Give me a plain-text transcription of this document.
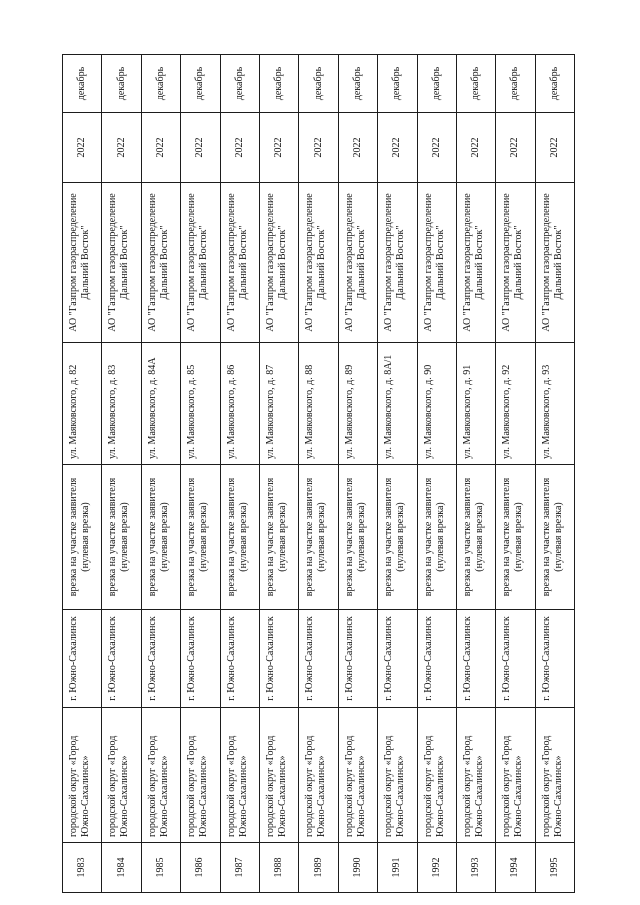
1983	городской округ «Город Южно-Сахалинск»	г. Южно-Сахалинск	врезка на участке заявителя (нулевая врезка)	ул. Маяковского, д. 82	АО "Газпром газораспределение Дальний Восток"	2022	декабрь
1984	городской округ «Город Южно-Сахалинск»	г. Южно-Сахалинск	врезка на участке заявителя (нулевая врезка)	ул. Маяковского, д. 83	АО "Газпром газораспределение Дальний Восток"	2022	декабрь
1985	городской округ «Город Южно-Сахалинск»	г. Южно-Сахалинск	врезка на участке заявителя (нулевая врезка)	ул. Маяковского, д. 84А	АО "Газпром газораспределение Дальний Восток"	2022	декабрь
1986	городской округ «Город Южно-Сахалинск»	г. Южно-Сахалинск	врезка на участке заявителя (нулевая врезка)	ул. Маяковского, д. 85	АО "Газпром газораспределение Дальний Восток"	2022	декабрь
1987	городской округ «Город Южно-Сахалинск»	г. Южно-Сахалинск	врезка на участке заявителя (нулевая врезка)	ул. Маяковского, д. 86	АО "Газпром газораспределение Дальний Восток"	2022	декабрь
1988	городской округ «Город Южно-Сахалинск»	г. Южно-Сахалинск	врезка на участке заявителя (нулевая врезка)	ул. Маяковского, д. 87	АО "Газпром газораспределение Дальний Восток"	2022	декабрь
1989	городской округ «Город Южно-Сахалинск»	г. Южно-Сахалинск	врезка на участке заявителя (нулевая врезка)	ул. Маяковского, д. 88	АО "Газпром газораспределение Дальний Восток"	2022	декабрь
1990	городской округ «Город Южно-Сахалинск»	г. Южно-Сахалинск	врезка на участке заявителя (нулевая врезка)	ул. Маяковского, д. 89	АО "Газпром газораспределение Дальний Восток"	2022	декабрь
1991	городской округ «Город Южно-Сахалинск»	г. Южно-Сахалинск	врезка на участке заявителя (нулевая врезка)	ул. Маяковского, д. 8А/1	АО "Газпром газораспределение Дальний Восток"	2022	декабрь
1992	городской округ «Город Южно-Сахалинск»	г. Южно-Сахалинск	врезка на участке заявителя (нулевая врезка)	ул. Маяковского, д. 90	АО "Газпром газораспределение Дальний Восток"	2022	декабрь
1993	городской округ «Город Южно-Сахалинск»	г. Южно-Сахалинск	врезка на участке заявителя (нулевая врезка)	ул. Маяковского, д. 91	АО "Газпром газораспределение Дальний Восток"	2022	декабрь
1994	городской округ «Город Южно-Сахалинск»	г. Южно-Сахалинск	врезка на участке заявителя (нулевая врезка)	ул. Маяковского, д. 92	АО "Газпром газораспределение Дальний Восток"	2022	декабрь
1995	городской округ «Город Южно-Сахалинск»	г. Южно-Сахалинск	врезка на участке заявителя (нулевая врезка)	ул. Маяковского, д. 93	АО "Газпром газораспределение Дальний Восток"	2022	декабрь
